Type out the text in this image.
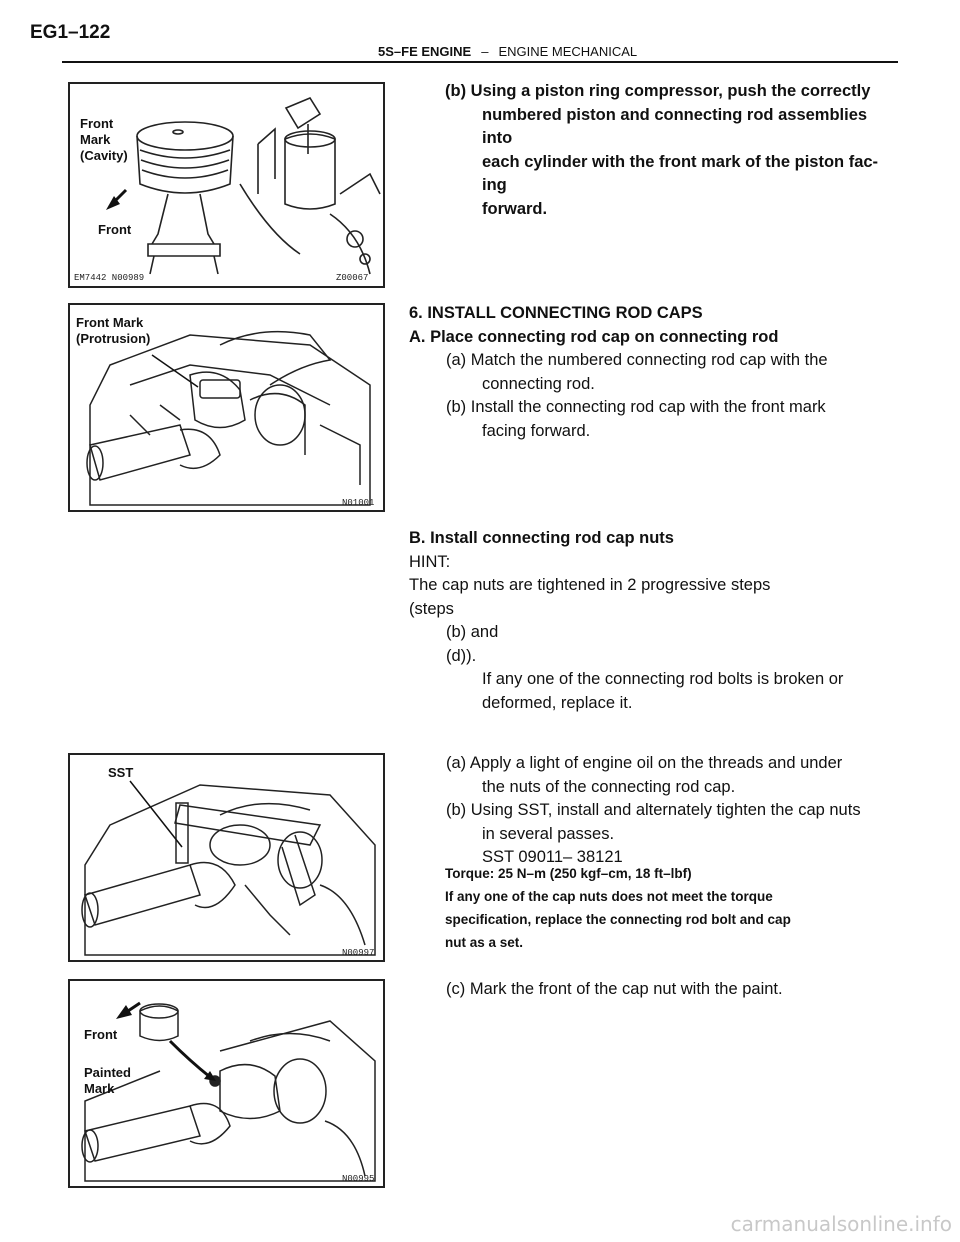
EG1–122
5S–FE ENGINE – ENGINE MECHANICAL
Front
Mark
(Cavity)
Front
EM7442 N00989	Z00067
(b) Using a piston ring compressor, push the correctly
numbered piston and connecting rod assemblies
into
each cylinder with the front mark of the piston fac-
ing
forward.
Front Mark
(Protrusion)
N01001
6. INSTALL CONNECTING ROD CAPS
A. Place connecting rod cap on connecting rod
(a) Match the numbered connecting rod cap with the
connecting rod.
(b) Install the connecting rod cap with the front mark
facing forward.
B. Install connecting rod cap nuts
HINT:
The cap nuts are tightened in 2 progressive steps
(steps
(b) and
(d)).
If any one of the connecting rod bolts is broken or
deformed, replace it.
SST
N00997
(a) Apply a light of engine oil on the threads and under
the nuts of the connecting rod cap.
(b) Using SST, install and alternately tighten the cap nuts
in several passes.
SST 09011– 38121
Torque: 25 N–m (250 kgf–cm, 18 ft–lbf)
If any one of the cap nuts does not meet the torque
specification, replace the connecting rod bolt and cap
nut as a set.
Front
Painted
Mark
N00995
(c) Mark the front of the cap nut with the paint.
carmanualsonline.info
